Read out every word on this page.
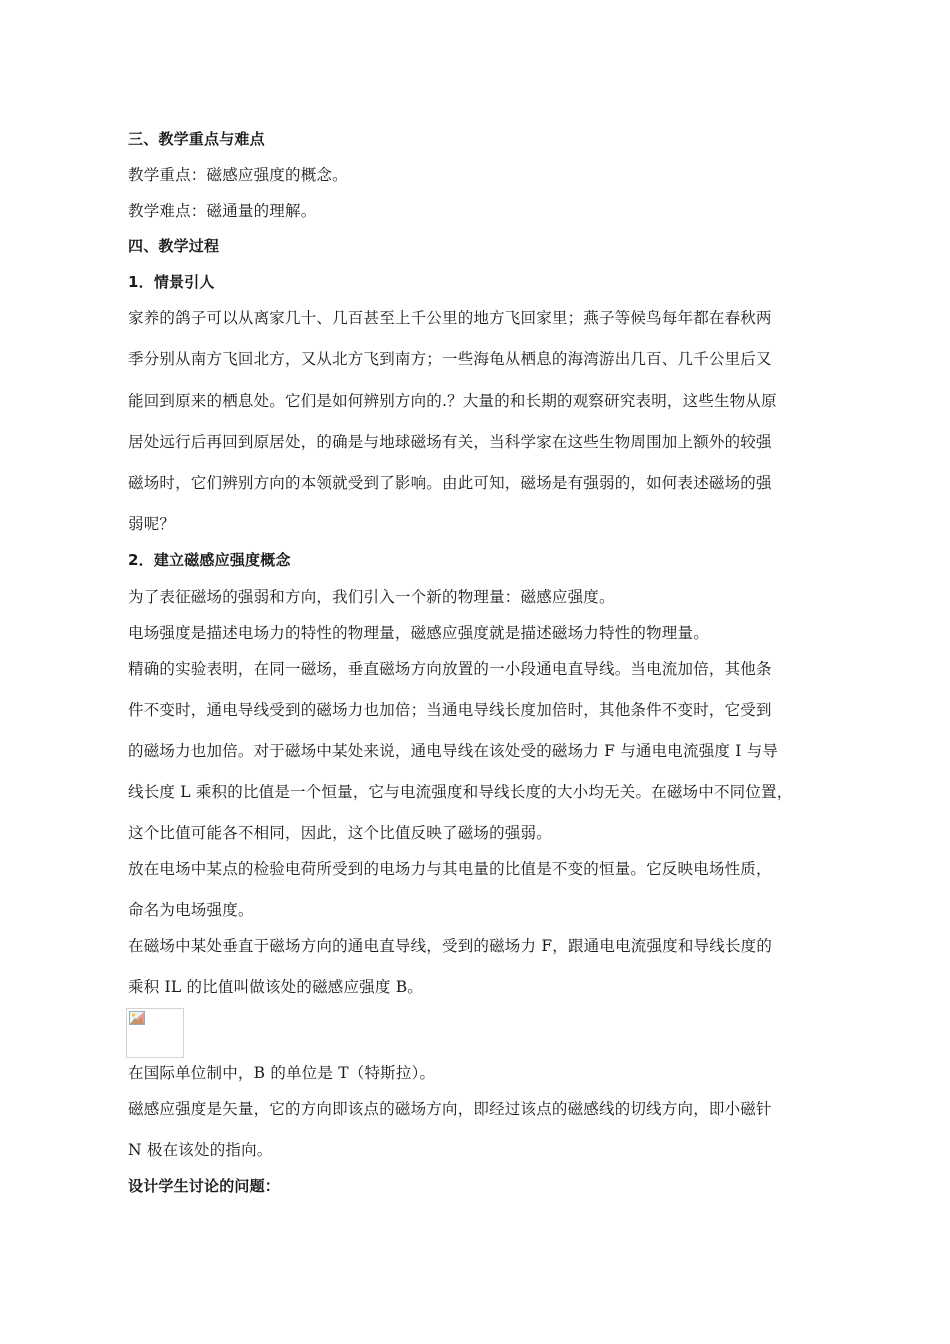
三、教学重点与难点
教学重点：磁感应强度的概念。
教学难点：磁通量的理解。
四、教学过程
1．情景引人
家养的鸽子可以从离家几十、几百甚至上千公里的地方飞回家里；燕子等候鸟每年都在春秋两
季分别从南方飞回北方，又从北方飞到南方；一些海龟从栖息的海湾游出几百、几千公里后又
能回到原来的栖息处。它们是如何辨别方向的.？大量的和长期的观察研究表明，这些生物从原
居处远行后再回到原居处，的确是与地球磁场有关，当科学家在这些生物周围加上额外的较强
磁场时，它们辨别方向的本领就受到了影响。由此可知，磁场是有强弱的，如何表述磁场的强
弱呢？
2．建立磁感应强度概念
为了表征磁场的强弱和方向，我们引入一个新的物理量：磁感应强度。
电场强度是描述电场力的特性的物理量，磁感应强度就是描述磁场力特性的物理量。
精确的实验表明，在同一磁场，垂直磁场方向放置的一小段通电直导线。当电流加倍，其他条
件不变时，通电导线受到的磁场力也加倍；当通电导线长度加倍时，其他条件不变时，它受到
的磁场力也加倍。对于磁场中某处来说，通电导线在该处受的磁场力 F 与通电电流强度 I 与导
线长度 L 乘积的比值是一个恒量，它与电流强度和导线长度的大小均无关。在磁场中不同位置，
这个比值可能各不相同，因此，这个比值反映了磁场的强弱。
放在电场中某点的检验电荷所受到的电场力与其电量的比值是不变的恒量。它反映电场性质，
命名为电场强度。
在磁场中某处垂直于磁场方向的通电直导线，受到的磁场力 F，跟通电电流强度和导线长度的
乘积 IL 的比值叫做该处的磁感应强度 B。
在国际单位制中，B 的单位是 T（特斯拉）。
磁感应强度是矢量，它的方向即该点的磁场方向，即经过该点的磁感线的切线方向，即小磁针
N 极在该处的指向。
设计学生讨论的问题：
